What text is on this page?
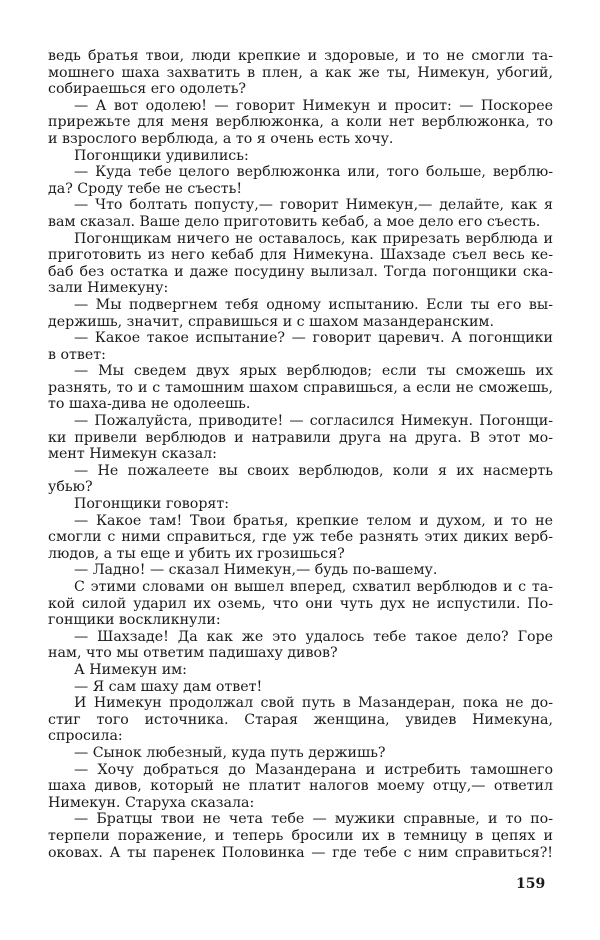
ведь братья твои, люди крепкие и здоровые, и то не смогли та-
мошнего шаха захватить в плен, а как же ты, Нимекун, убогий,
собираешься его одолеть?
— А вот одолею! — говорит Нимекун и просит: — Поскорее
прирежьте для меня верблюжонка, а коли нет верблюжонка, то
и взрослого верблюда, а то я очень есть хочу.
Погонщики удивились:
— Куда тебе целого верблюжонка или, того больше, верблю-
да? Сроду тебе не съесть!
— Что болтать попусту,— говорит Нимекун,— делайте, как я
вам сказал. Ваше дело приготовить кебаб, а мое дело его съесть.
Погонщикам ничего не оставалось, как прирезать верблюда и
приготовить из него кебаб для Нимекуна. Шахзаде съел весь ке-
баб без остатка и даже посудину вылизал. Тогда погонщики ска-
зали Нимекуну:
— Мы подвергнем тебя одному испытанию. Если ты его вы-
держишь, значит, справишься и с шахом мазандеранским.
— Какое такое испытание? — говорит царевич. А погонщики
в ответ:
— Мы сведем двух ярых верблюдов; если ты сможешь их
разнять, то и с тамошним шахом справишься, а если не сможешь,
то шаха-дива не одолеешь.
— Пожалуйста, приводите! — согласился Нимекун. Погонщи-
ки привели верблюдов и натравили друга на друга. В этот мо-
мент Нимекун сказал:
— Не пожалеете вы своих верблюдов, коли я их насмерть
убью?
Погонщики говорят:
— Какое там! Твои братья, крепкие телом и духом, и то не
смогли с ними справиться, где уж тебе разнять этих диких верб-
людов, а ты еще и убить их грозишься?
— Ладно! — сказал Нимекун,— будь по-вашему.
С этими словами он вышел вперед, схватил верблюдов и с та-
кой силой ударил их оземь, что они чуть дух не испустили. По-
гонщики воскликнули:
— Шахзаде! Да как же это удалось тебе такое дело? Горе
нам, что мы ответим падишаху дивов?
А Нимекун им:
— Я сам шаху дам ответ!
И Нимекун продолжал свой путь в Мазандеран, пока не до-
стиг того источника. Старая женщина, увидев Нимекуна,
спросила:
— Сынок любезный, куда путь держишь?
— Хочу добраться до Мазандерана и истребить тамошнего
шаха дивов, который не платит налогов моему отцу,— ответил
Нимекун. Старуха сказала:
— Братцы твои не чета тебе — мужики справные, и то по-
терпели поражение, и теперь бросили их в темницу в цепях и
оковах. А ты паренек Половинка — где тебе с ним справиться?!
159
